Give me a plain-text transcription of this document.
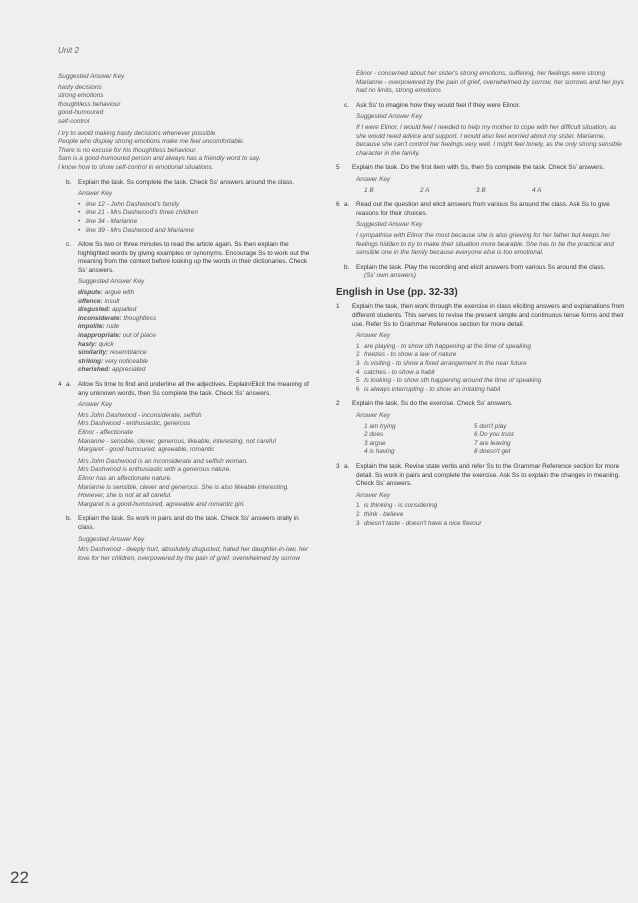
Unit 2

Suggested Answer Key

hasty decisions

strong emotions

thoughtless behaviour

good-humoured

self-control

I try to avoid making hasty decisions whenever possible.

People who display strong emotions make me feel uncomfortable.

There is no excuse for his thoughtless behaviour.

Sam is a good-humoured person and always has a friendly word to say.

I know how to show self-control in emotional situations.

b. Explain the task. Ss complete the task. Check Ss' answers around the class.

Answer Key

• line 12 - John Dashwood's family

• line 21 - Mrs Dashwood's three children

• line 34 - Marianne

• line 39 - Mrs Dashwood and Marianne

c. Allow Ss two or three minutes to read the article again. Ss then explain the highlighted words by giving examples or synonyms. Encourage Ss to work out the meaning from the context before looking up the words in their dictionaries. Check Ss' answers.

Suggested Answer Key

dispute: argue with

offence: insult

disgusted: appalled

inconsiderate: thoughtless

impolite: rude

inappropriate: out of place

hasty: quick

similarity: resemblance

striking: very noticeable

cherished: appreciated

4 a. Allow Ss time to find and underline all the adjectives. Explain/Elicit the meaning of any unknown words, then Ss complete the task. Check Ss' answers.

Answer Key

Mrs John Dashwood - inconsiderate, selfish

Mrs Dashwood - enthusiastic, generous

Elinor - affectionate

Marianne - sensible, clever, generous, likeable, interesting, not careful

Margaret - good-humoured, agreeable, romantic

Mrs John Dashwood is an inconsiderate and selfish woman.

Mrs Dashwood is enthusiastic with a generous nature.

Elinor has an affectionate nature.

Marianne is sensible, clever and generous. She is also likeable interesting. However, she is not at all careful.

Margaret is a good-humoured, agreeable and romantic girl.

b. Explain the task. Ss work in pairs and do the task. Check Ss' answers orally in class.

Suggested Answer Key

Mrs Dashwood - deeply hurt, absolutely disgusted, hated her daughter-in-law, her love for her children, overpowered by the pain of grief, overwhelmed by sorrow

Elinor - concerned about her sister's strong emotions, suffering, her feelings were strong

Marianne - overpowered by the pain of grief, overwhelmed by sorrow, her sorrows and her joys had no limits, strong emotions

c. Ask Ss' to imagine how they would feel if they were Elinor.

Suggested Answer Key

If I were Elinor, I would feel I needed to help my mother to cope with her difficult situation, as she would need advice and support. I would also feel worried about my sister, Marianne, because she can't control her feelings very well. I might feel lonely, as the only strong sensible character in the family.

5 Explain the task. Do the first item with Ss, then Ss complete the task. Check Ss' answers.

Answer Key

1 B	2 A	3 B	4 A
6 a. Read out the question and elicit answers from various Ss around the class. Ask Ss to give reasons for their choices.

Suggested Answer Key

I sympathise with Elinor the most because she is also grieving for her father but keeps her feelings hidden to try to make their situation more bearable. She has to be the practical and sensible one in the family because everyone else is too emotional.

b. Explain the task. Play the recording and elicit answers from various Ss around the class.

(Ss' own answers)

English in Use (pp. 32-33)

1 Explain the task, then work through the exercise in class eliciting answers and explanations from different students. This serves to revise the present simple and continuous tense forms and their use. Refer Ss to Grammar Reference section for more detail.

Answer Key

1 are playing - to show sth happening at the time of speaking

2 freezes - to show a law of nature

3 Is visiting - to show a fixed arrangement in the near future

4 catches - to show a habit

5 Is looking - to show sth happening around the time of speaking

6 is always interrupting - to show an irritating habit

2 Explain the task. Ss do the exercise. Check Ss' answers.

Answer Key

1 am trying	5 don't play
2 does	6 Do you trust
3 argue	7 are leaving
4 is having	8 doesn't get
3 a. Explain the task. Revise state verbs and refer Ss to the Grammar Reference section for more detail. Ss work in pairs and complete the exercise. Ask Ss to explain the changes in meaning. Check Ss' answers.

Answer Key

1 is thinking - is considering

2 think - believe

3 doesn't taste - doesn't have a nice flavour

22
